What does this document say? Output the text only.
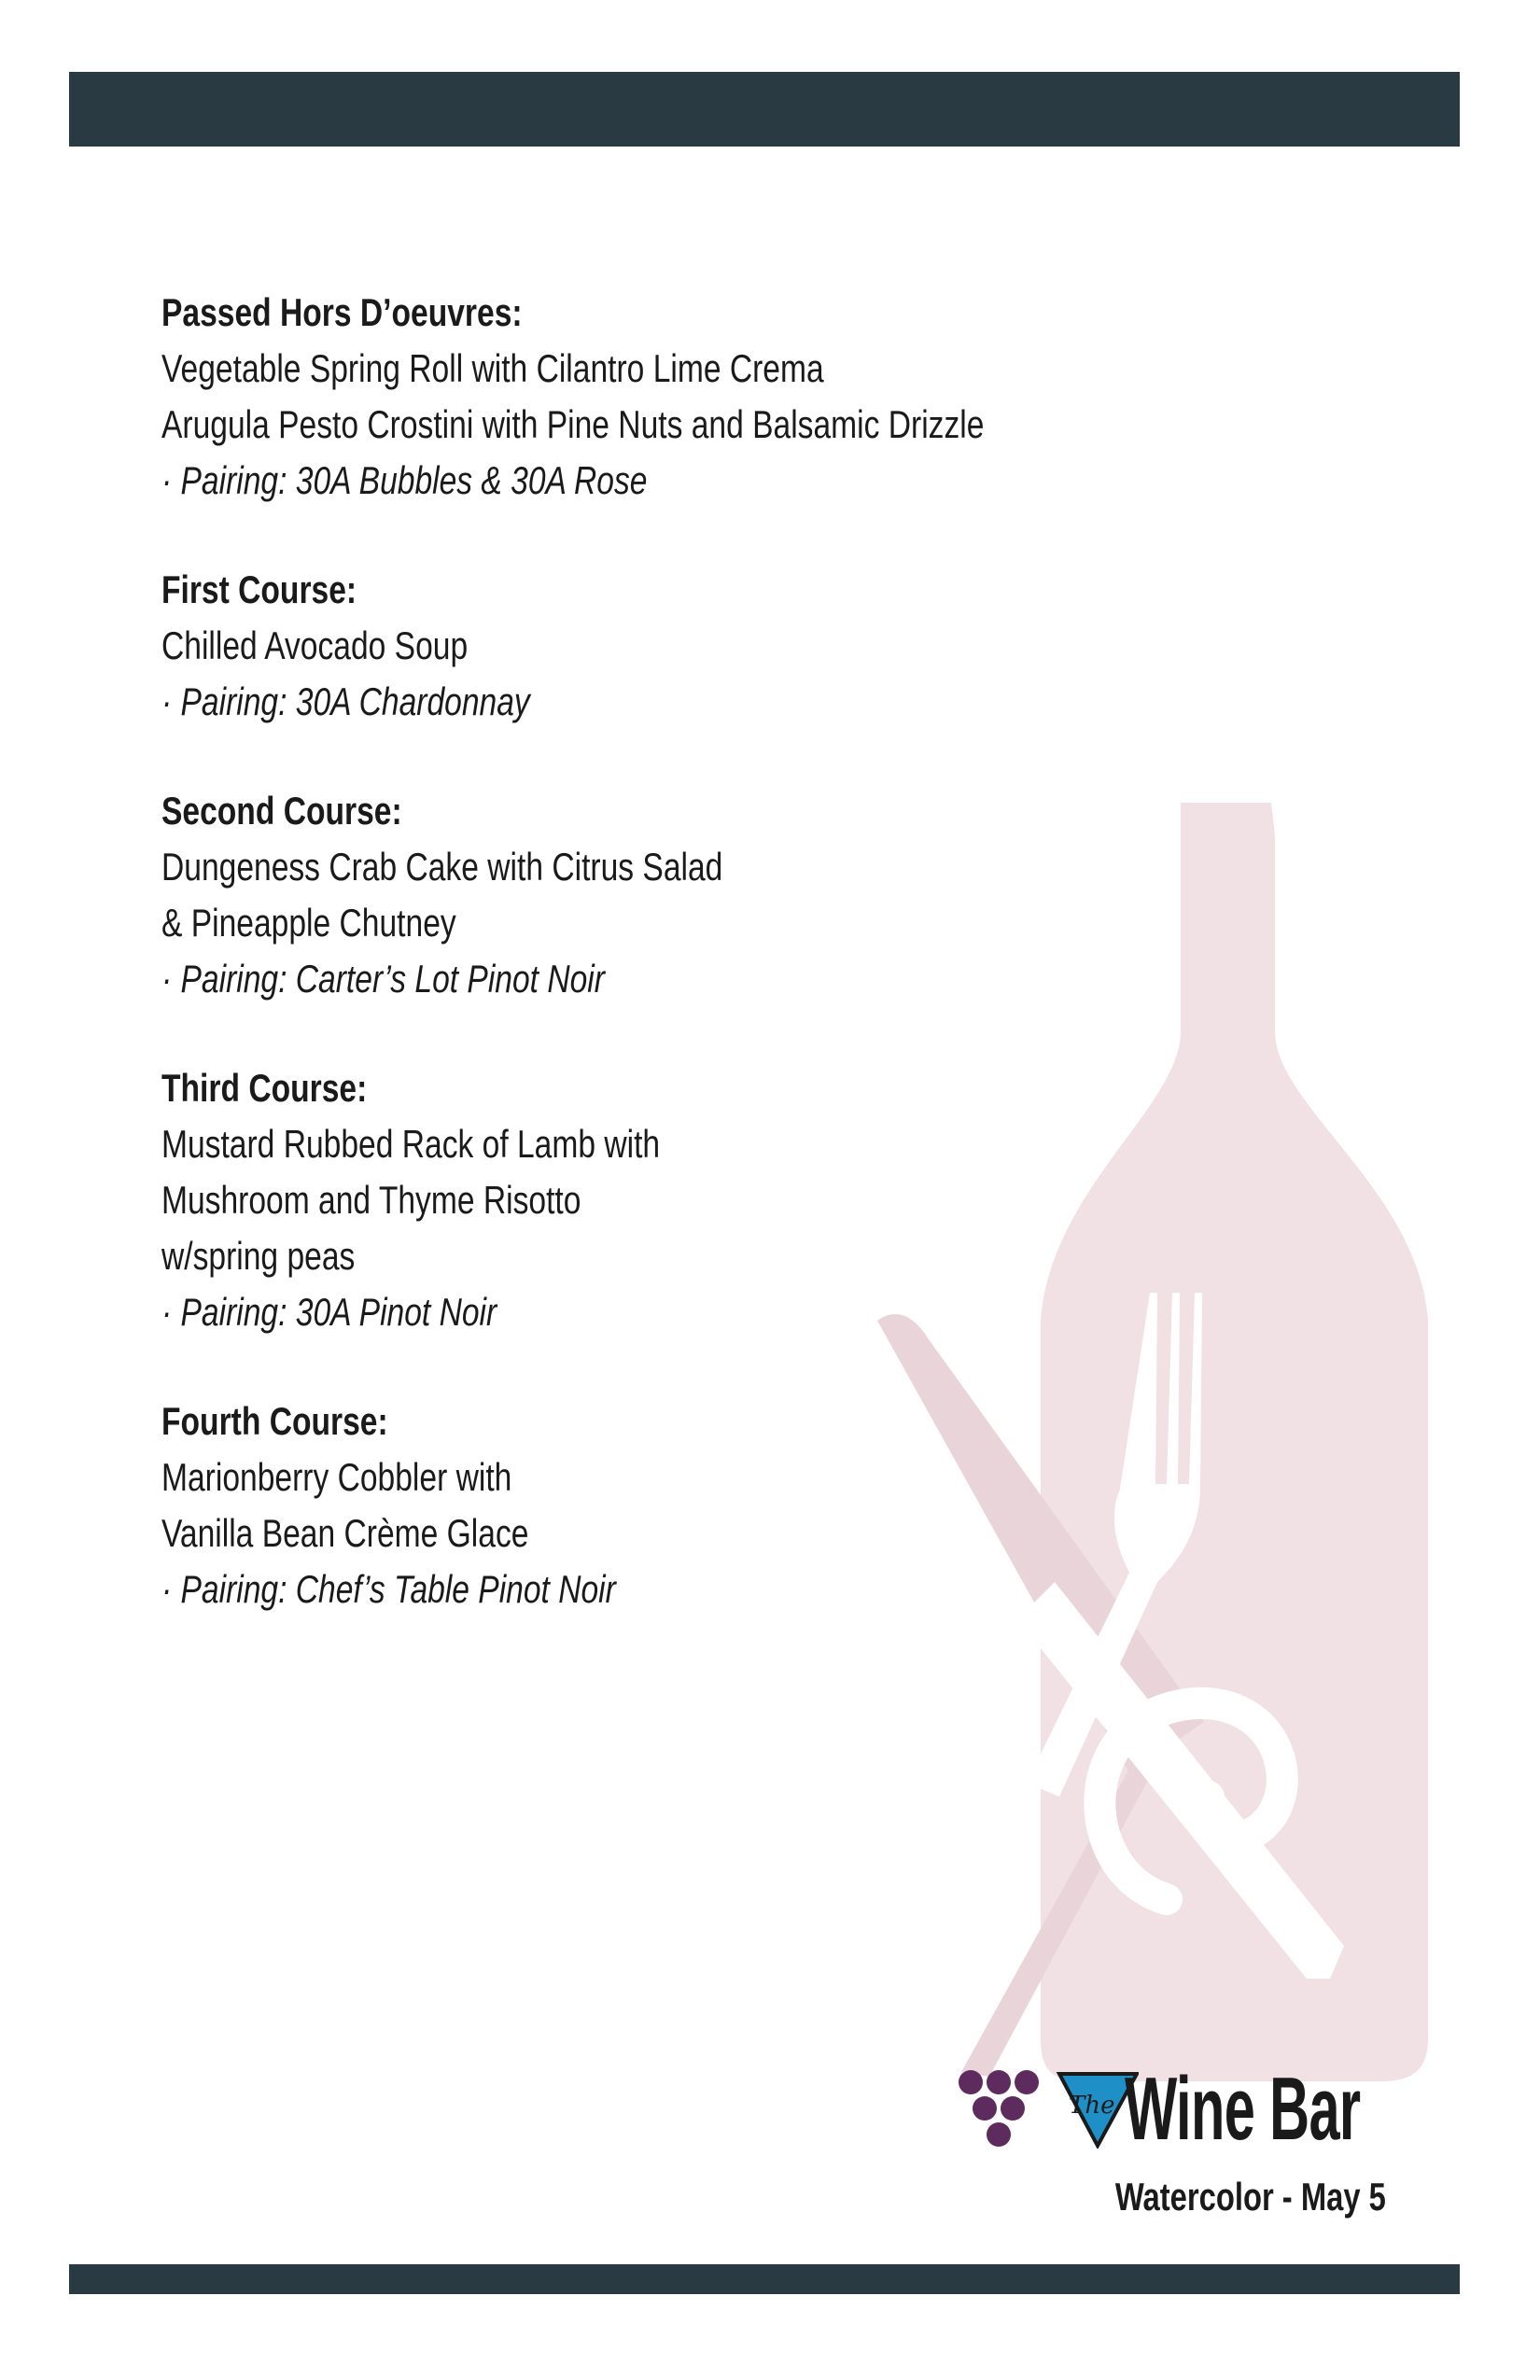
Passed Hors D’oeuvres:
Vegetable Spring Roll with Cilantro Lime Crema
Arugula Pesto Crostini with Pine Nuts and Balsamic Drizzle
· Pairing: 30A Bubbles & 30A Rose
First Course:
Chilled Avocado Soup
· Pairing: 30A Chardonnay
Second Course:
Dungeness Crab Cake with Citrus Salad
& Pineapple Chutney
· Pairing: Carter’s Lot Pinot Noir
Third Course:
Mustard Rubbed Rack of Lamb with
Mushroom and Thyme Risotto
w/spring peas
· Pairing: 30A Pinot Noir
Fourth Course:
Marionberry Cobbler with
Vanilla Bean Crème Glace
· Pairing: Chef’s Table Pinot Noir
The Wine Bar
Watercolor - May 5
